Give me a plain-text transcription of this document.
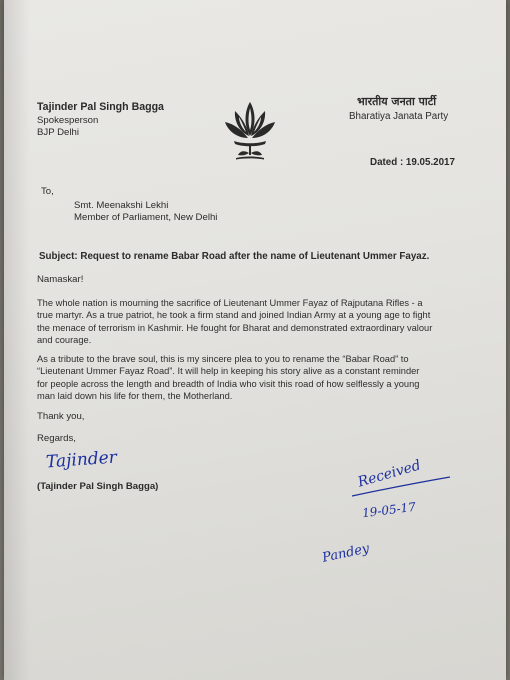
Tajinder Pal Singh Bagga
Spokesperson
BJP Delhi
भारतीय जनता पार्टी
Bharatiya Janata Party
Dated : 19.05.2017
To,
Smt. Meenakshi Lekhi
Member of Parliament, New Delhi
Subject: Request to rename Babar Road after the name of Lieutenant Ummer Fayaz.
Namaskar!
The whole nation is mourning the sacrifice of Lieutenant Ummer Fayaz of Rajputana Rifles - a
true martyr. As a true patriot, he took a firm stand and joined Indian Army at a young age to fight
the menace of terrorism in Kashmir. He fought for Bharat and demonstrated extraordinary valour
and courage.
As a tribute to the brave soul, this is my sincere plea to you to rename the “Babar Road” to
“Lieutenant Ummer Fayaz Road”. It will help in keeping his story alive as a constant reminder
for people across the length and breadth of India who visit this road of how selflessly a young
man laid down his life for them, the Motherland.
Thank you,
Regards,
Tajinder
(Tajinder Pal Singh Bagga)	Received
19-05-17
Pandey
